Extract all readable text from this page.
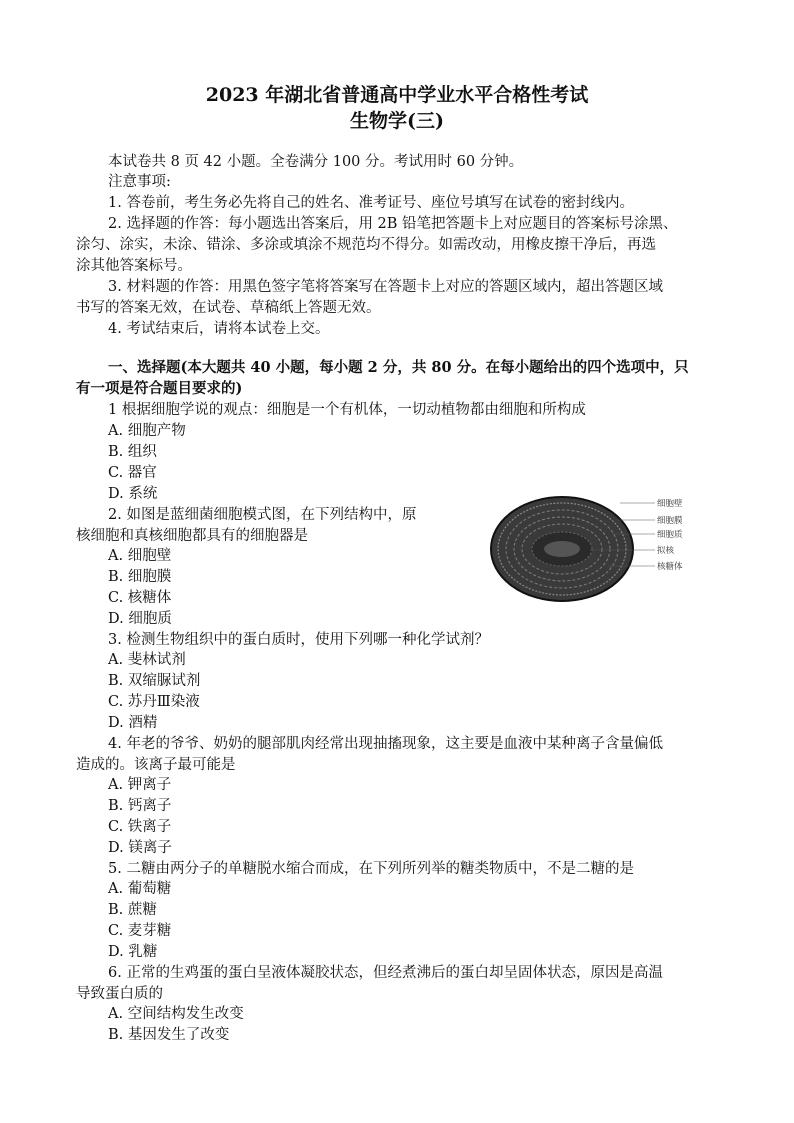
2023 年湖北省普通高中学业水平合格性考试
生物学(三)
本试卷共 8 页 42 小题。全卷满分 100 分。考试用时 60 分钟。
注意事项:
1. 答卷前，考生务必先将自己的姓名、准考证号、座位号填写在试卷的密封线内。
2. 选择题的作答：每小题选出答案后，用 2B 铅笔把答题卡上对应题目的答案标号涂黑、
涂匀、涂实，未涂、错涂、多涂或填涂不规范均不得分。如需改动，用橡皮擦干净后，再选
涂其他答案标号。
3. 材料题的作答：用黑色签字笔将答案写在答题卡上对应的答题区域内，超出答题区域
书写的答案无效，在试卷、草稿纸上答题无效。
4. 考试结束后，请将本试卷上交。
一、选择题(本大题共 40 小题，每小题 2 分，共 80 分。在每小题给出的四个选项中，只
有一项是符合题目要求的)
1 根据细胞学说的观点：细胞是一个有机体，一切动植物都由细胞和所构成
A. 细胞产物
B. 组织
C. 器官
D. 系统
2. 如图是蓝细菌细胞模式图，在下列结构中，原
核细胞和真核细胞都具有的细胞器是
A. 细胞壁
B. 细胞膜
C. 核糖体
D. 细胞质
细胞壁
细胞膜
细胞质
拟核
核糖体
3. 检测生物组织中的蛋白质时，使用下列哪一种化学试剂？
A. 斐林试剂
B. 双缩脲试剂
C. 苏丹Ⅲ染液
D. 酒精
4. 年老的爷爷、奶奶的腿部肌肉经常出现抽搐现象，这主要是血液中某种离子含量偏低
造成的。该离子最可能是
A. 钾离子
B. 钙离子
C. 铁离子
D. 镁离子
5. 二糖由两分子的单糖脱水缩合而成，在下列所列举的糖类物质中，不是二糖的是
A. 葡萄糖
B. 蔗糖
C. 麦芽糖
D. 乳糖
6. 正常的生鸡蛋的蛋白呈液体凝胶状态，但经煮沸后的蛋白却呈固体状态，原因是高温
导致蛋白质的
A. 空间结构发生改变
B. 基因发生了改变
